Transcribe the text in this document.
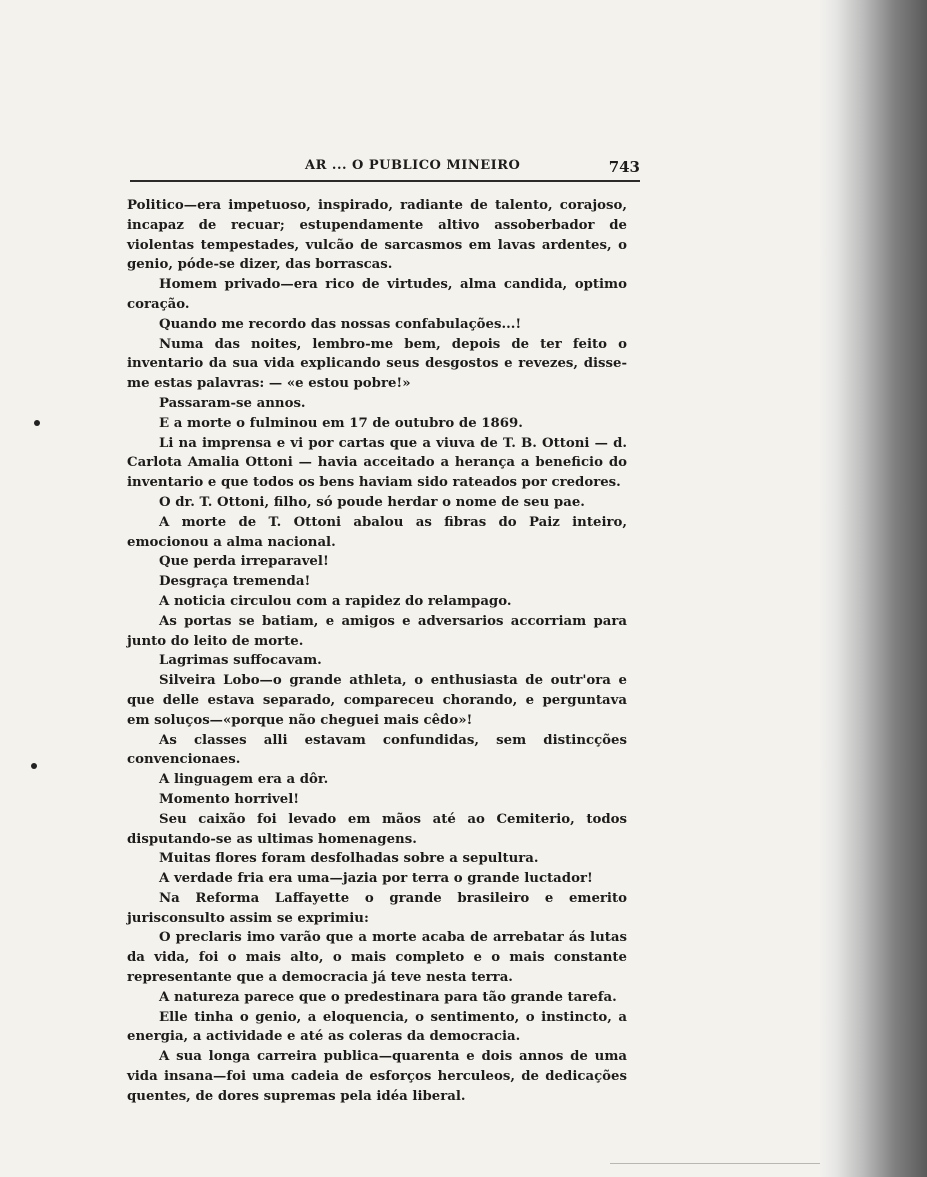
AR ... O PUBLICO MINEIRO	743

Politico—era impetuoso, inspirado, radiante de talento, corajoso, incapaz de recuar; estupendamente altivo assoberbador de violentas tempestades, vulcão de sarcasmos em lavas ardentes, o genio, póde-se dizer, das borrascas.

Homem privado—era rico de virtudes, alma candida, optimo coração.

Quando me recordo das nossas confabulações...!

Numa das noites, lembro-me bem, depois de ter feito o inventario da sua vida explicando seus desgostos e revezes, disse-me estas palavras: — «e estou pobre!»

Passaram-se annos.

E a morte o fulminou em 17 de outubro de 1869.

Li na imprensa e vi por cartas que a viuva de T. B. Ottoni — d. Carlota Amalia Ottoni — havia acceitado a herança a beneficio do inventario e que todos os bens haviam sido rateados por credores.

O dr. T. Ottoni, filho, só poude herdar o nome de seu pae.

A morte de T. Ottoni abalou as fibras do Paiz inteiro, emocionou a alma nacional.

Que perda irreparavel!

Desgraça tremenda!

A noticia circulou com a rapidez do relampago.

As portas se batiam, e amigos e adversarios accorriam para junto do leito de morte.

Lagrimas suffocavam.

Silveira Lobo—o grande athleta, o enthusiasta de outr'ora e que delle estava separado, compareceu chorando, e perguntava em soluços—«porque não cheguei mais cêdo»!

As classes alli estavam confundidas, sem distincções convencionaes.

A linguagem era a dôr.

Momento horrivel!

Seu caixão foi levado em mãos até ao Cemiterio, todos disputando-se as ultimas homenagens.

Muitas flores foram desfolhadas sobre a sepultura.

A verdade fria era uma—jazia por terra o grande luctador!

Na Reforma Laffayette o grande brasileiro e emerito jurisconsulto assim se exprimiu:

O preclaris imo varão que a morte acaba de arrebatar ás lutas da vida, foi o mais alto, o mais completo e o mais constante representante que a democracia já teve nesta terra.

A natureza parece que o predestinara para tão grande tarefa.

Elle tinha o genio, a eloquencia, o sentimento, o instincto, a energia, a actividade e até as coleras da democracia.

A sua longa carreira publica—quarenta e dois annos de uma vida insana—foi uma cadeia de esforços herculeos, de dedicações quentes, de dores supremas pela idéa liberal.
